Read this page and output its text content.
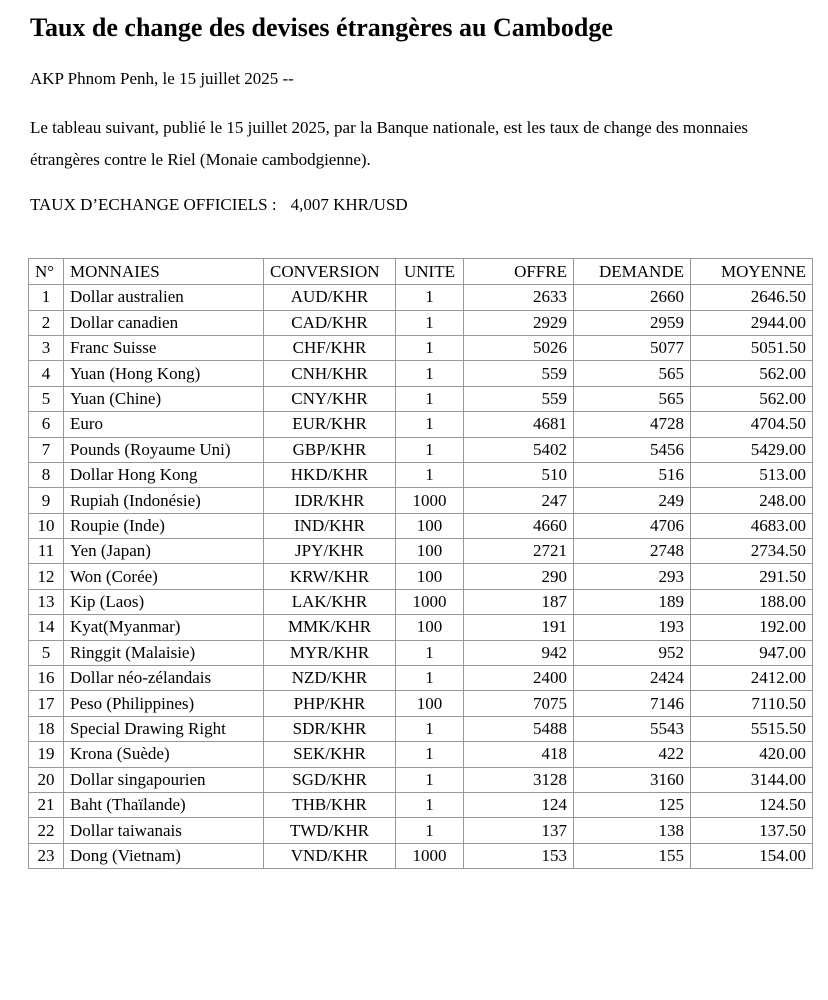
Taux de change des devises étrangères au Cambodge

AKP Phnom Penh, le 15 juillet 2025 --

Le tableau suivant, publié le 15 juillet 2025, par la Banque nationale, est les taux de change des monnaies étrangères contre le Riel (Monaie cambodgienne).

TAUX D’ECHANGE OFFICIELS : 4,007 KHR/USD

N°	MONNAIES	CONVERSION	UNITE	OFFRE	DEMANDE	MOYENNE
1	Dollar australien	AUD/KHR	1	2633	2660	2646.50
2	Dollar canadien	CAD/KHR	1	2929	2959	2944.00
3	Franc Suisse	CHF/KHR	1	5026	5077	5051.50
4	Yuan (Hong Kong)	CNH/KHR	1	559	565	562.00
5	Yuan (Chine)	CNY/KHR	1	559	565	562.00
6	Euro	EUR/KHR	1	4681	4728	4704.50
7	Pounds (Royaume Uni)	GBP/KHR	1	5402	5456	5429.00
8	Dollar Hong Kong	HKD/KHR	1	510	516	513.00
9	Rupiah (Indonésie)	IDR/KHR	1000	247	249	248.00
10	Roupie (Inde)	IND/KHR	100	4660	4706	4683.00
11	Yen (Japan)	JPY/KHR	100	2721	2748	2734.50
12	Won (Corée)	KRW/KHR	100	290	293	291.50
13	Kip (Laos)	LAK/KHR	1000	187	189	188.00
14	Kyat(Myanmar)	MMK/KHR	100	191	193	192.00
5	Ringgit (Malaisie)	MYR/KHR	1	942	952	947.00
16	Dollar néo-zélandais	NZD/KHR	1	2400	2424	2412.00
17	Peso (Philippines)	PHP/KHR	100	7075	7146	7110.50
18	Special Drawing Right	SDR/KHR	1	5488	5543	5515.50
19	Krona (Suède)	SEK/KHR	1	418	422	420.00
20	Dollar singapourien	SGD/KHR	1	3128	3160	3144.00
21	Baht (Thaïlande)	THB/KHR	1	124	125	124.50
22	Dollar taiwanais	TWD/KHR	1	137	138	137.50
23	Dong (Vietnam)	VND/KHR	1000	153	155	154.00
